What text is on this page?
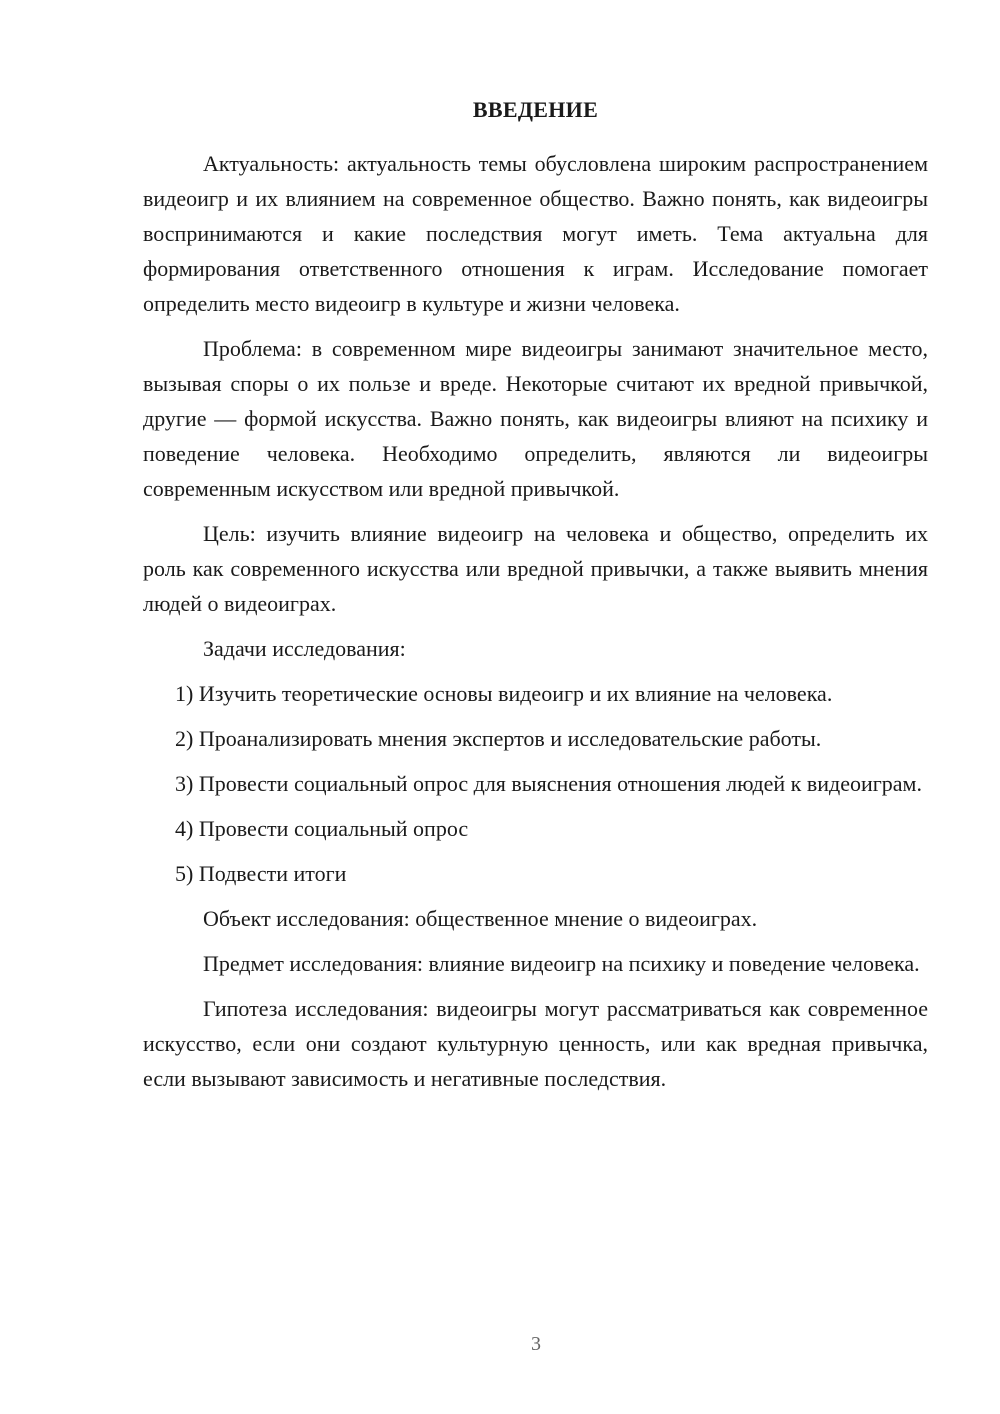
ВВЕДЕНИЕ

Актуальность: актуальность темы обусловлена широким распространением видеоигр и их влиянием на современное общество. Важно понять, как видеоигры воспринимаются и какие последствия могут иметь. Тема актуальна для формирования ответственного отношения к играм. Исследование помогает определить место видеоигр в культуре и жизни человека.

Проблема: в современном мире видеоигры занимают значительное место, вызывая споры о их пользе и вреде. Некоторые считают их вредной привычкой, другие — формой искусства. Важно понять, как видеоигры влияют на психику и поведение человека. Необходимо определить, являются ли видеоигры современным искусством или вредной привычкой.

Цель: изучить влияние видеоигр на человека и общество, определить их роль как современного искусства или вредной привычки, а также выявить мнения людей о видеоиграх.

Задачи исследования:

1) Изучить теоретические основы видеоигр и их влияние на человека.

2) Проанализировать мнения экспертов и исследовательские работы.

3) Провести социальный опрос для выяснения отношения людей к видеоиграм.

4) Провести социальный опрос

5) Подвести итоги

Объект исследования: общественное мнение о видеоиграх.

Предмет исследования: влияние видеоигр на психику и поведение человека.

Гипотеза исследования: видеоигры могут рассматриваться как современное искусство, если они создают культурную ценность, или как вредная привычка, если вызывают зависимость и негативные последствия.

3
